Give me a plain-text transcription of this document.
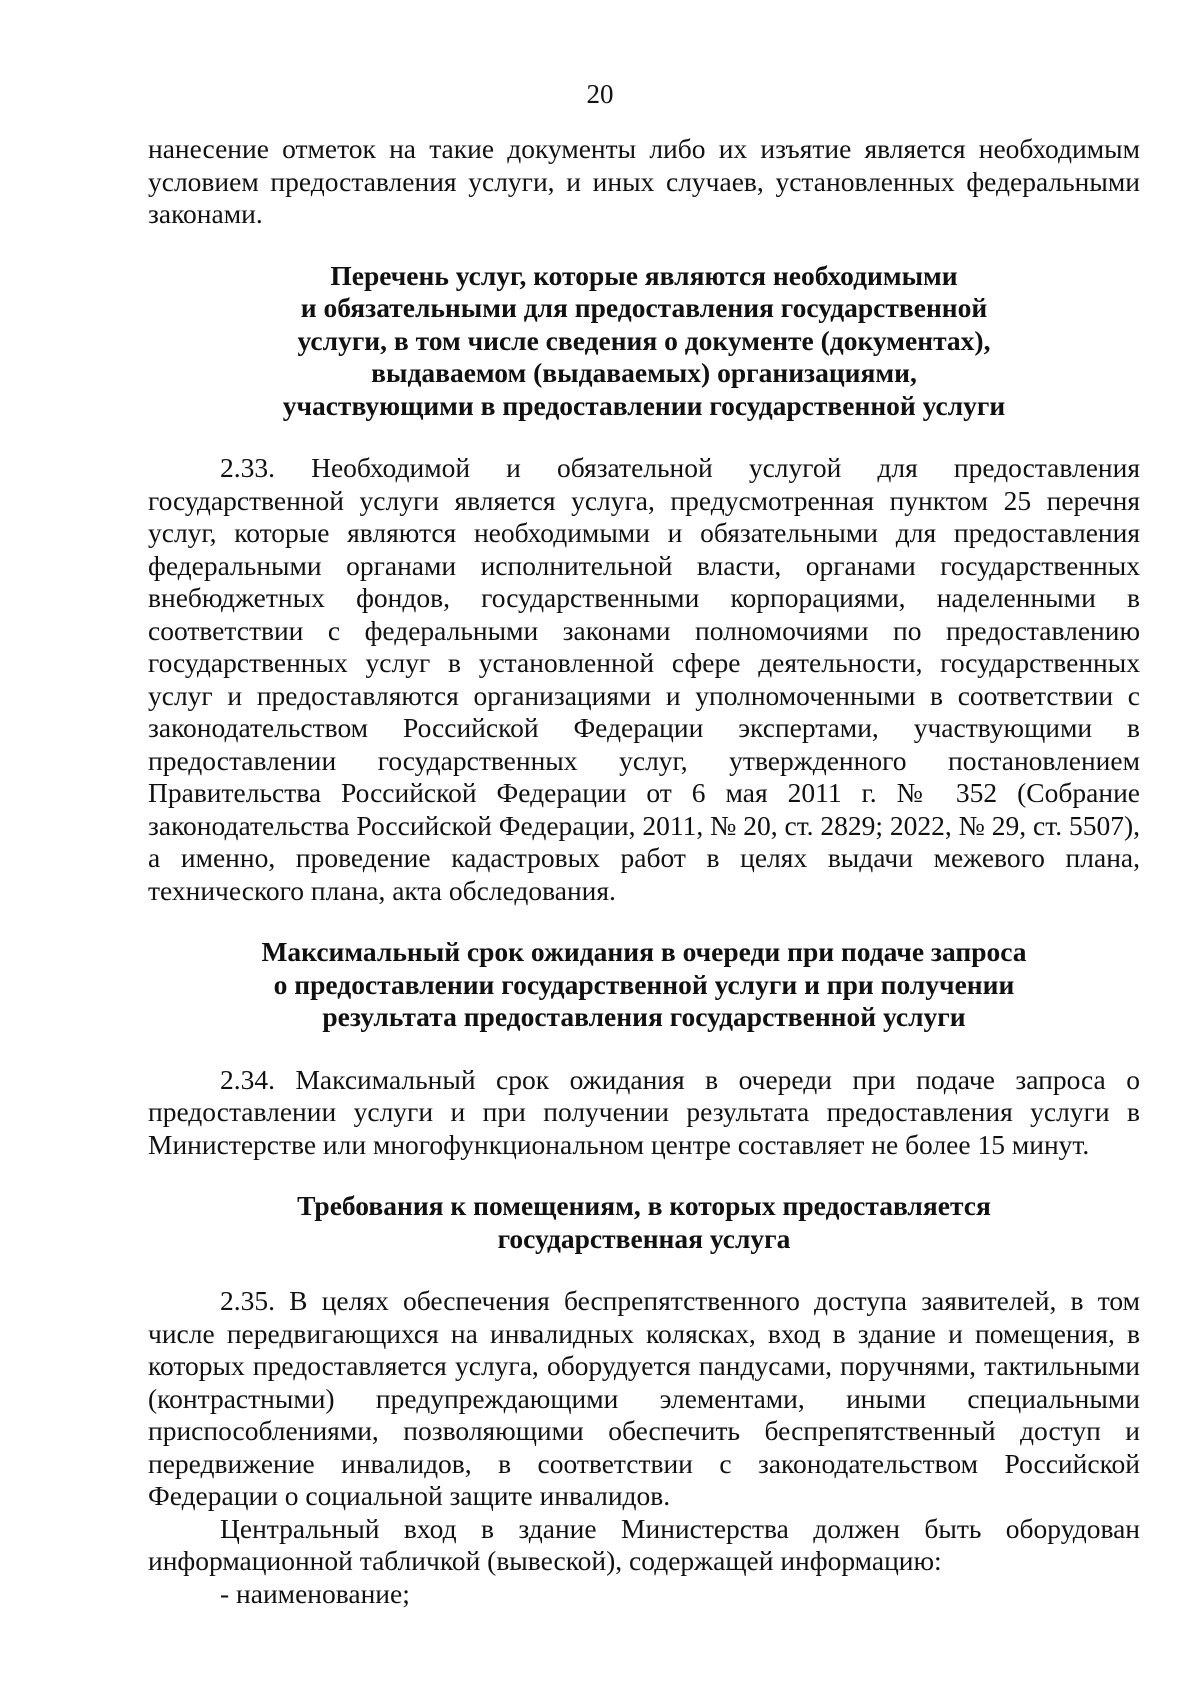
20

нанесение отметок на такие документы либо их изъятие является необходимым условием предоставления услуги, и иных случаев, установленных федеральными законами.

Перечень услуг, которые являются необходимыми
и обязательными для предоставления государственной
услуги, в том числе сведения о документе (документах),
выдаваемом (выдаваемых) организациями,
участвующими в предоставлении государственной услуги

2.33. Необходимой и обязательной услугой для предоставления государственной услуги является услуга, предусмотренная пунктом 25 перечня услуг, которые являются необходимыми и обязательными для предоставления федеральными органами исполнительной власти, органами государственных внебюджетных фондов, государственными корпорациями, наделенными в соответствии с федеральными законами полномочиями по предоставлению государственных услуг в установленной сфере деятельности, государственных услуг и предоставляются организациями и уполномоченными в соответствии с законодательством Российской Федерации экспертами, участвующими в предоставлении государственных услуг, утвержденного постановлением Правительства Российской Федерации от 6 мая 2011 г. № 352 (Собрание законодательства Российской Федерации, 2011, № 20, ст. 2829; 2022, № 29, ст. 5507), а именно, проведение кадастровых работ в целях выдачи межевого плана, технического плана, акта обследования.

Максимальный срок ожидания в очереди при подаче запроса
о предоставлении государственной услуги и при получении
результата предоставления государственной услуги

2.34. Максимальный срок ожидания в очереди при подаче запроса о предоставлении услуги и при получении результата предоставления услуги в Министерстве или многофункциональном центре составляет не более 15 минут.

Требования к помещениям, в которых предоставляется
государственная услуга

2.35. В целях обеспечения беспрепятственного доступа заявителей, в том числе передвигающихся на инвалидных колясках, вход в здание и помещения, в которых предоставляется услуга, оборудуется пандусами, поручнями, тактильными (контрастными) предупреждающими элементами, иными специальными приспособлениями, позволяющими обеспечить беспрепятственный доступ и передвижение инвалидов, в соответствии с законодательством Российской Федерации о социальной защите инвалидов.

Центральный вход в здание Министерства должен быть оборудован информационной табличкой (вывеской), содержащей информацию:

- наименование;
